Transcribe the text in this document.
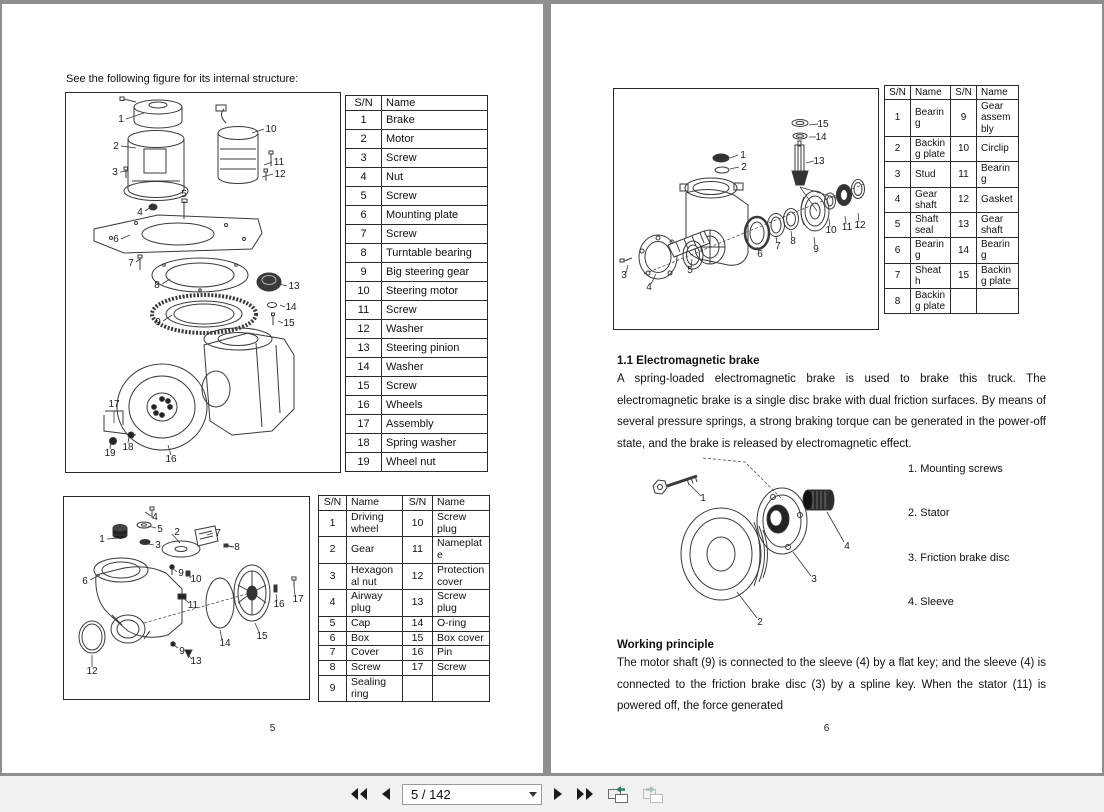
See the following figure for its internal structure:
1
2
3
4
5
6
7
8
9
10
11
12
13
14
15
16
17
18
19
S/N	Name
1	Brake
2	Motor
3	Screw
4	Nut
5	Screw
6	Mounting plate
7	Screw
8	Turntable bearing
9	Big steering gear
10	Steering motor
11	Screw
12	Washer
13	Steering pinion
14	Washer
15	Screw
16	Wheels
17	Assembly
18	Spring washer
19	Wheel nut
1
2
3
4
5
6
7
8
9
10
11
12
13
14
15
16 17
9
S/N	Name	S/N	Name
1	Driving wheel	10	Screw plug
2	Gear	11	Nameplate
3	Hexagonal nut	12	Protection cover
4	Airway plug	13	Screw plug
5	Cap	14	O-ring
6	Box	15	Box cover
7	Cover	16	Pin
8	Screw	17	Screw
9	Sealing ring		
5
1
2
3
4
5
6
7 8
9
10 11 12
13
14
15
S/N	Name	S/N	Name
1	Bearing	9	Gear assembly
2	Backing plate	10	Circlip
3	Stud	11	Bearing
4	Gear shaft	12	Gasket
5	Shaft seal	13	Gear shaft
6	Bearing	14	Bearing
7	Sheath	15	Backing plate
8	Backing plate		
1.1 Electromagnetic brake
A spring-loaded electromagnetic brake is used to brake this truck. The electromagnetic brake is a single disc brake with dual friction surfaces. By means of several pressure springs, a strong braking torque can be generated in the power-off state, and the brake is released by electromagnetic effect.
1
2
3
4
1. Mounting screws
2. Stator
3. Friction brake disc
4. Sleeve
Working principle
The motor shaft (9) is connected to the sleeve (4) by a flat key; and the sleeve (4) is connected to the friction brake disc (3) by a spline key. When the stator (11) is powered off, the force generated
6
5 / 142
